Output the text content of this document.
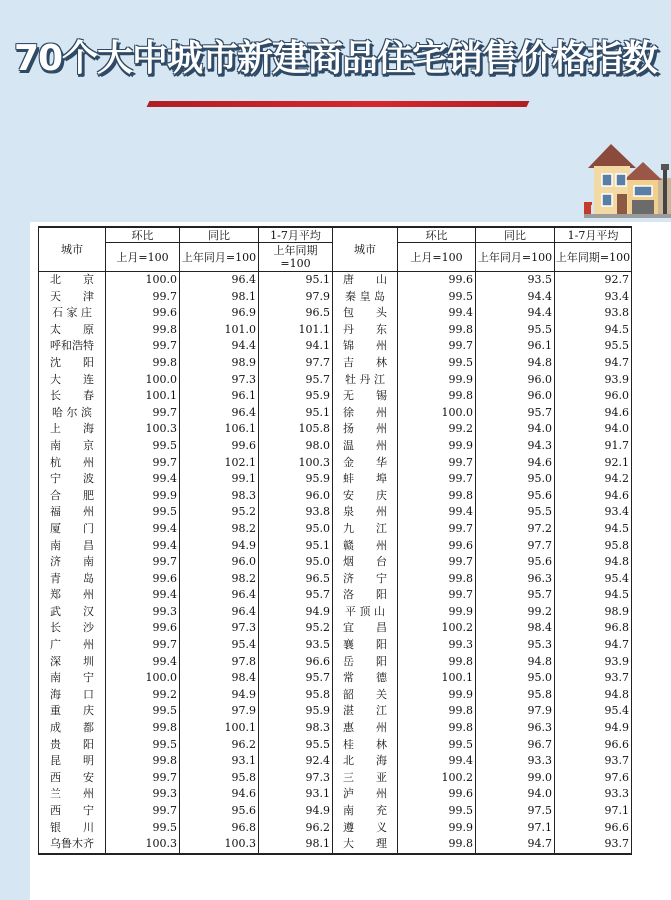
70个大中城市新建商品住宅销售价格指数
城市	环比	同比	1-7月平均	城市	环比	同比	1-7月平均
	上月=100	上年同月=100	上年同期=100		上月=100	上年同月=100	上年同期=100
北　　京	100.0	96.4	95.1	唐　　山	99.6	93.5	92.7
天　　津	99.7	98.1	97.9	秦 皇 岛	99.5	94.4	93.4
石 家 庄	99.6	96.9	96.5	包　　头	99.4	94.4	93.8
太　　原	99.8	101.0	101.1	丹　　东	99.8	95.5	94.5
呼和浩特	99.7	94.4	94.1	锦　　州	99.7	96.1	95.5
沈　　阳	99.8	98.9	97.7	吉　　林	99.5	94.8	94.7
大　　连	100.0	97.3	95.7	牡 丹 江	99.9	96.0	93.9
长　　春	100.1	96.1	95.9	无　　锡	99.8	96.0	96.0
哈 尔 滨	99.7	96.4	95.1	徐　　州	100.0	95.7	94.6
上　　海	100.3	106.1	105.8	扬　　州	99.2	94.0	94.0
南　　京	99.5	99.6	98.0	温　　州	99.9	94.3	91.7
杭　　州	99.7	102.1	100.3	金　　华	99.7	94.6	92.1
宁　　波	99.4	99.1	95.9	蚌　　埠	99.7	95.0	94.2
合　　肥	99.9	98.3	96.0	安　　庆	99.8	95.6	94.6
福　　州	99.5	95.2	93.8	泉　　州	99.4	95.5	93.4
厦　　门	99.4	98.2	95.0	九　　江	99.7	97.2	94.5
南　　昌	99.4	94.9	95.1	赣　　州	99.6	97.7	95.8
济　　南	99.7	96.0	95.0	烟　　台	99.7	95.6	94.8
青　　岛	99.6	98.2	96.5	济　　宁	99.8	96.3	95.4
郑　　州	99.4	96.4	95.7	洛　　阳	99.7	95.7	94.5
武　　汉	99.3	96.4	94.9	平 顶 山	99.9	99.2	98.9
长　　沙	99.6	97.3	95.2	宜　　昌	100.2	98.4	96.8
广　　州	99.7	95.4	93.5	襄　　阳	99.3	95.3	94.7
深　　圳	99.4	97.8	96.6	岳　　阳	99.8	94.8	93.9
南　　宁	100.0	98.4	95.7	常　　德	100.1	95.0	93.7
海　　口	99.2	94.9	95.8	韶　　关	99.9	95.8	94.8
重　　庆	99.5	97.9	95.9	湛　　江	99.8	97.9	95.4
成　　都	99.8	100.1	98.3	惠　　州	99.8	96.3	94.9
贵　　阳	99.5	96.2	95.5	桂　　林	99.5	96.7	96.6
昆　　明	99.8	93.1	92.4	北　　海	99.4	93.3	93.7
西　　安	99.7	95.8	97.3	三　　亚	100.2	99.0	97.6
兰　　州	99.3	94.6	93.1	泸　　州	99.6	94.0	93.3
西　　宁	99.7	95.6	94.9	南　　充	99.5	97.5	97.1
银　　川	99.5	96.8	96.2	遵　　义	99.9	97.1	96.6
乌鲁木齐	100.3	100.3	98.1	大　　理	99.8	94.7	93.7
